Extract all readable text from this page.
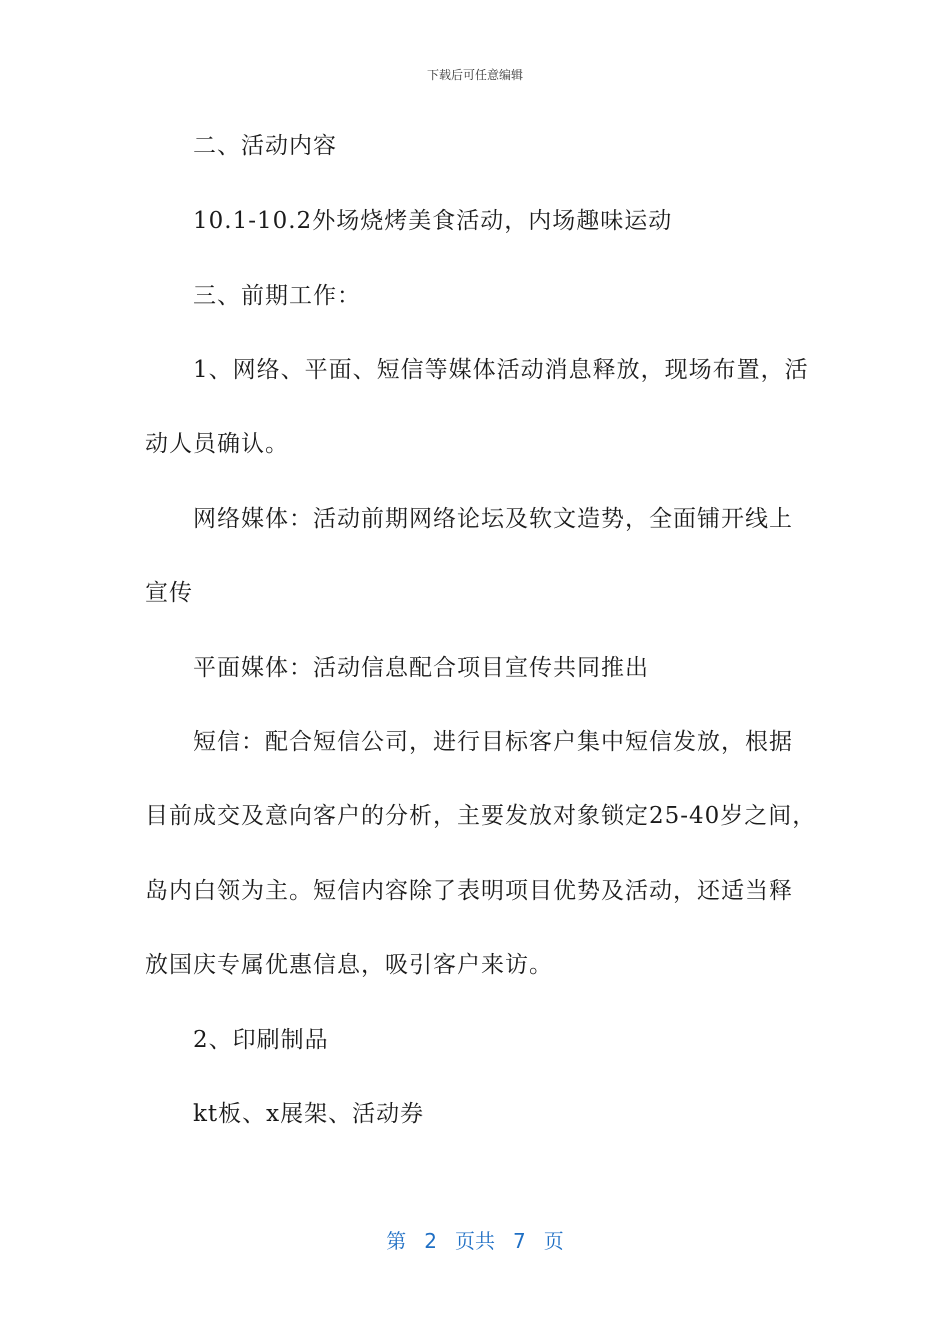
下载后可任意编辑
二、活动内容
10.1-10.2外场烧烤美食活动，内场趣味运动
三、前期工作：
1、网络、平面、短信等媒体活动消息释放，现场布置，活
动人员确认。
网络媒体：活动前期网络论坛及软文造势，全面铺开线上
宣传
平面媒体：活动信息配合项目宣传共同推出
短信：配合短信公司，进行目标客户集中短信发放，根据
目前成交及意向客户的分析，主要发放对象锁定25-40岁之间，
岛内白领为主。短信内容除了表明项目优势及活动，还适当释
放国庆专属优惠信息，吸引客户来访。
2、印刷制品
kt板、x展架、活动券
第 2 页共 7 页
